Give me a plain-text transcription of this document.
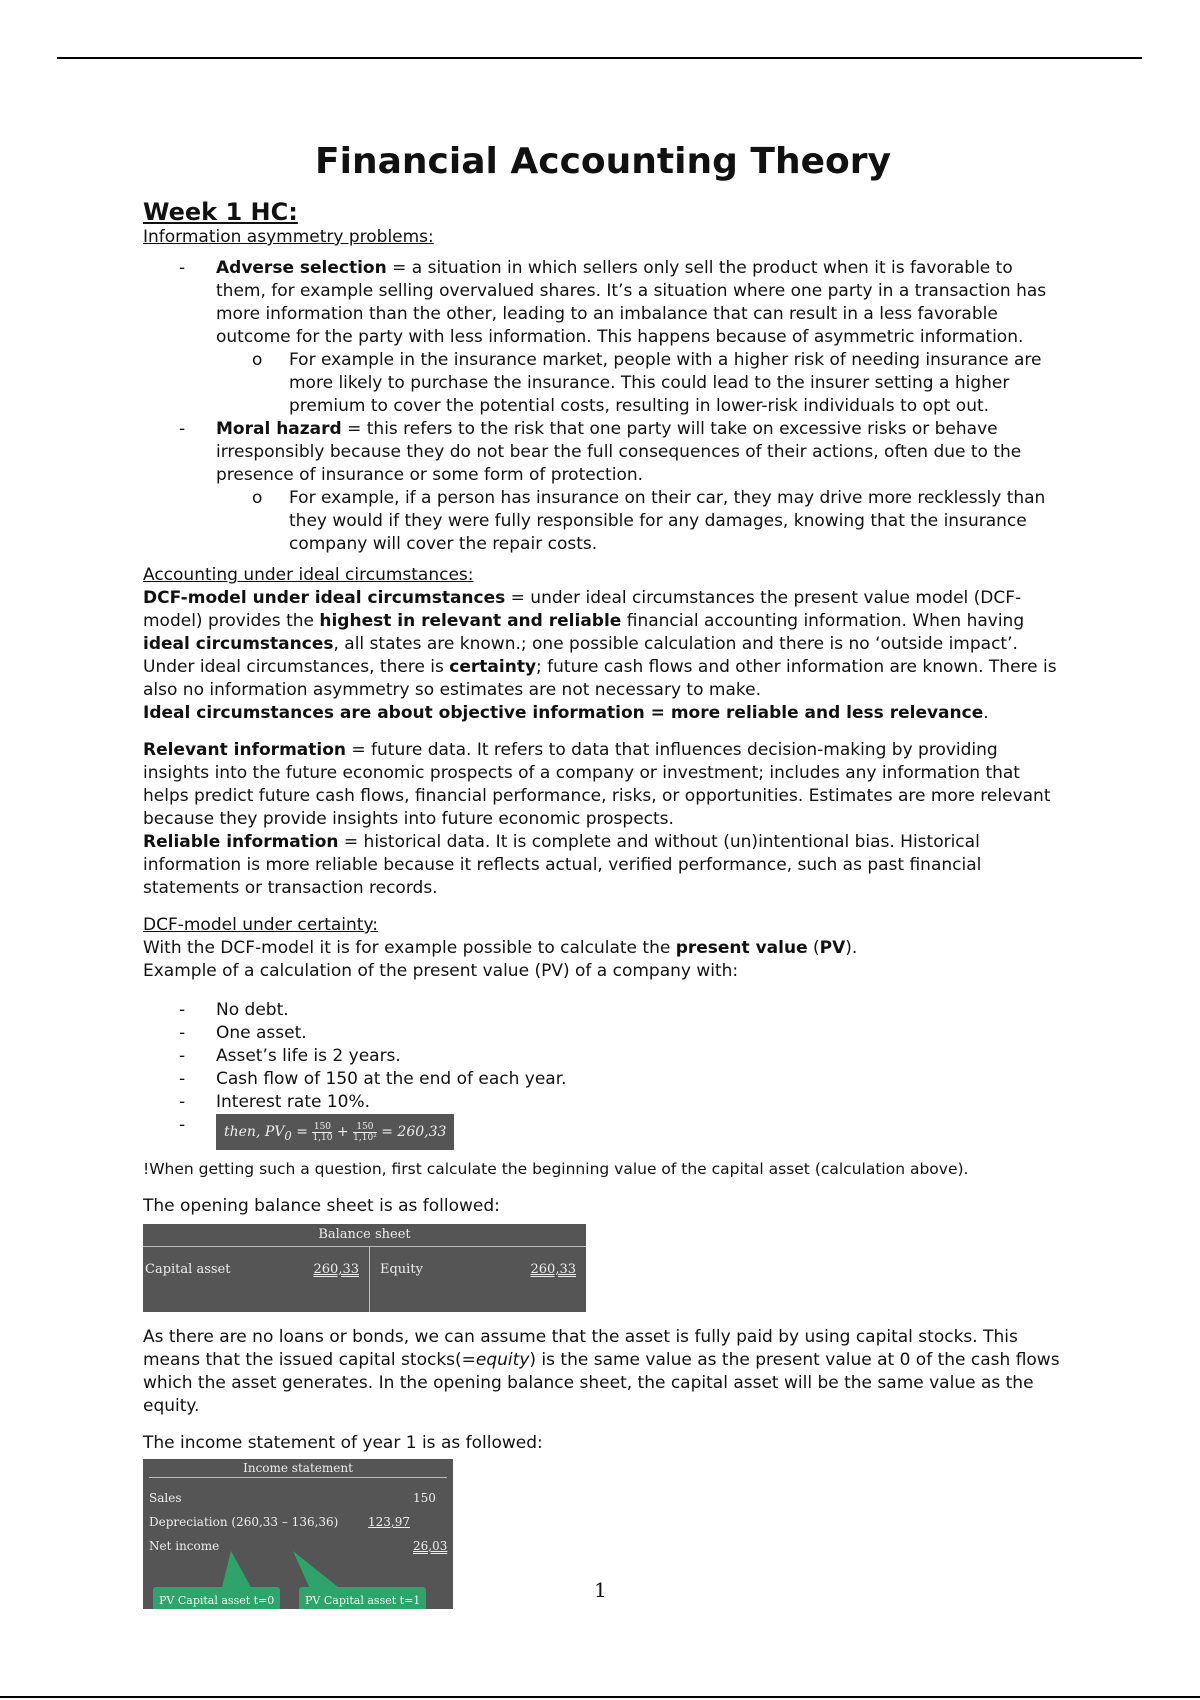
Financial Accounting Theory
Week 1 HC:

Information asymmetry problems:

- Adverse selection = a situation in which sellers only sell the product when it is favorable to them, for example selling overvalued shares. It’s a situation where one party in a transaction has more information than the other, leading to an imbalance that can result in a less favorable outcome for the party with less information. This happens because of asymmetric information.
o For example in the insurance market, people with a higher risk of needing insurance are more likely to purchase the insurance. This could lead to the insurer setting a higher premium to cover the potential costs, resulting in lower-risk individuals to opt out.
- Moral hazard = this refers to the risk that one party will take on excessive risks or behave irresponsibly because they do not bear the full consequences of their actions, often due to the presence of insurance or some form of protection.
o For example, if a person has insurance on their car, they may drive more recklessly than they would if they were fully responsible for any damages, knowing that the insurance company will cover the repair costs.

Accounting under ideal circumstances:

DCF-model under ideal circumstances = under ideal circumstances the present value model (DCF-model) provides the highest in relevant and reliable financial accounting information. When having ideal circumstances, all states are known.; one possible calculation and there is no ‘outside impact’.

Under ideal circumstances, there is certainty; future cash flows and other information are known. There is also no information asymmetry so estimates are not necessary to make.

Ideal circumstances are about objective information = more reliable and less relevance.

Relevant information = future data. It refers to data that influences decision-making by providing insights into the future economic prospects of a company or investment; includes any information that helps predict future cash flows, financial performance, risks, or opportunities. Estimates are more relevant because they provide insights into future economic prospects.

Reliable information = historical data. It is complete and without (un)intentional bias. Historical information is more reliable because it reflects actual, verified performance, such as past financial statements or transaction records.

DCF-model under certainty:

With the DCF-model it is for example possible to calculate the present value (PV).

Example of a calculation of the present value (PV) of a company with:

- No debt.
- One asset.
- Asset’s life is 2 years.
- Cash flow of 150 at the end of each year.
- Interest rate 10%.
- then, $PV_0 = \frac{150}{1,10} + \frac{150}{\text{1,10²}} = 260,33$

!When getting such a question, first calculate the beginning value of the capital asset (calculation above).

The opening balance sheet is as followed:

Balance sheet
Capital asset	260,33 Equity	260,33

As there are no loans or bonds, we can assume that the asset is fully paid by using capital stocks. This means that the issued capital stocks(=equity) is the same value as the present value at 0 of the cash flows which the asset generates. In the opening balance sheet, the capital asset will be the same value as the equity.

The income statement of year 1 is as followed:

Income statement
Sales	150
Depreciation (260,33 – 136,36) 123,97
Net income	26,03
PV Capital asset t=0	PV Capital asset t=1	1
